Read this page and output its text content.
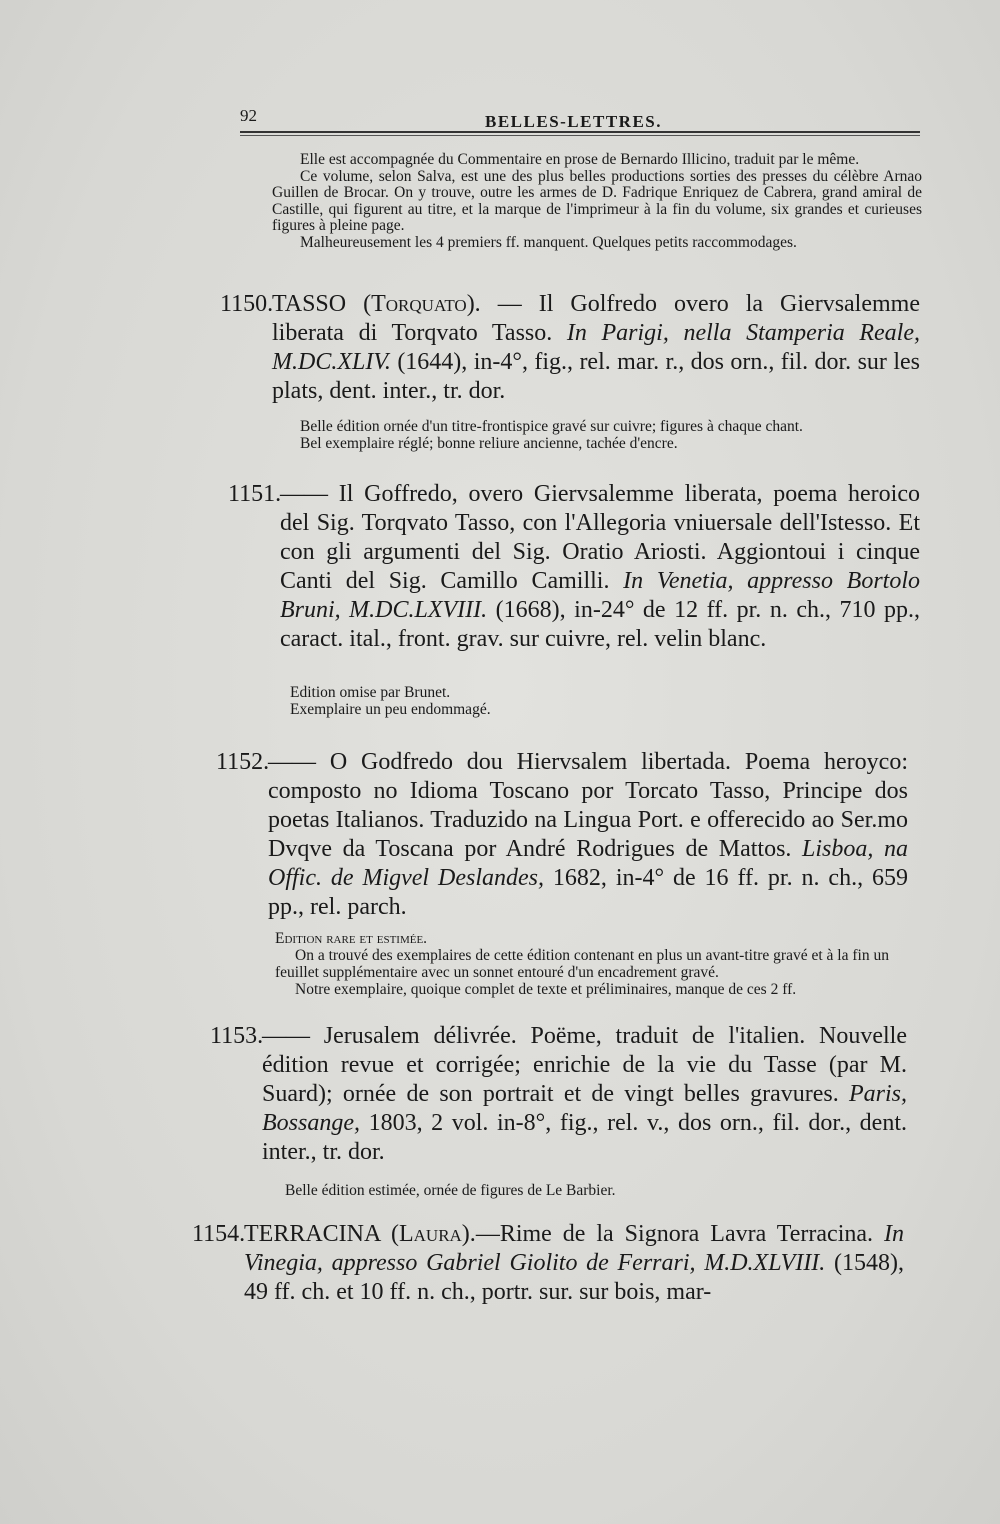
92	BELLES-LETTRES.

Elle est accompagnée du Commentaire en prose de Bernardo Illicino, traduit par le même.

Ce volume, selon Salva, est une des plus belles productions sorties des presses du célèbre Arnao Guillen de Brocar. On y trouve, outre les armes de D. Fadrique Enriquez de Cabrera, grand amiral de Castille, qui figurent au titre, et la marque de l'imprimeur à la fin du volume, six grandes et curieuses figures à pleine page.

Malheureusement les 4 premiers ff. manquent. Quelques petits raccommodages.

1150.
TASSO (Torquato). — Il Golfredo overo la Giervsalemme liberata di Torqvato Tasso. In Parigi, nella Stamperia Reale, M.DC.XLIV. (1644), in-4°, fig., rel. mar. r., dos orn., fil. dor. sur les plats, dent. inter., tr. dor.

Belle édition ornée d'un titre-frontispice gravé sur cuivre; figures à chaque chant.

Bel exemplaire réglé; bonne reliure ancienne, tachée d'encre.

1151.
—— Il Goffredo, overo Giervsalemme liberata, poema heroico del Sig. Torqvato Tasso, con l'Allegoria vniuersale dell'Istesso. Et con gli argumenti del Sig. Oratio Ariosti. Aggiontoui i cinque Canti del Sig. Camillo Camilli. In Venetia, appresso Bortolo Bruni, M.DC.LXVIII. (1668), in-24° de 12 ff. pr. n. ch., 710 pp., caract. ital., front. grav. sur cuivre, rel. velin blanc.

Edition omise par Brunet.

Exemplaire un peu endommagé.

1152.
—— O Godfredo dou Hiervsalem libertada. Poema heroyco: composto no Idioma Toscano por Torcato Tasso, Principe dos poetas Italianos. Traduzido na Lingua Port. e offerecido ao Ser.mo Dvqve da Toscana por André Rodrigues de Mattos. Lisboa, na Offic. de Migvel Deslandes, 1682, in-4° de 16 ff. pr. n. ch., 659 pp., rel. parch.

Edition rare et estimée.

On a trouvé des exemplaires de cette édition contenant en plus un avant-titre gravé et à la fin un feuillet supplémentaire avec un sonnet entouré d'un encadrement gravé.

Notre exemplaire, quoique complet de texte et préliminaires, manque de ces 2 ff.

1153.
—— Jerusalem délivrée. Poëme, traduit de l'italien. Nouvelle édition revue et corrigée; enrichie de la vie du Tasse (par M. Suard); ornée de son portrait et de vingt belles gravures. Paris, Bossange, 1803, 2 vol. in-8°, fig., rel. v., dos orn., fil. dor., dent. inter., tr. dor.

Belle édition estimée, ornée de figures de Le Barbier.

1154.
TERRACINA (Laura).—Rime de la Signora Lavra Terracina. In Vinegia, appresso Gabriel Giolito de Ferrari, M.D.XLVIII. (1548), 49 ff. ch. et 10 ff. n. ch., portr. sur. sur bois, mar-
